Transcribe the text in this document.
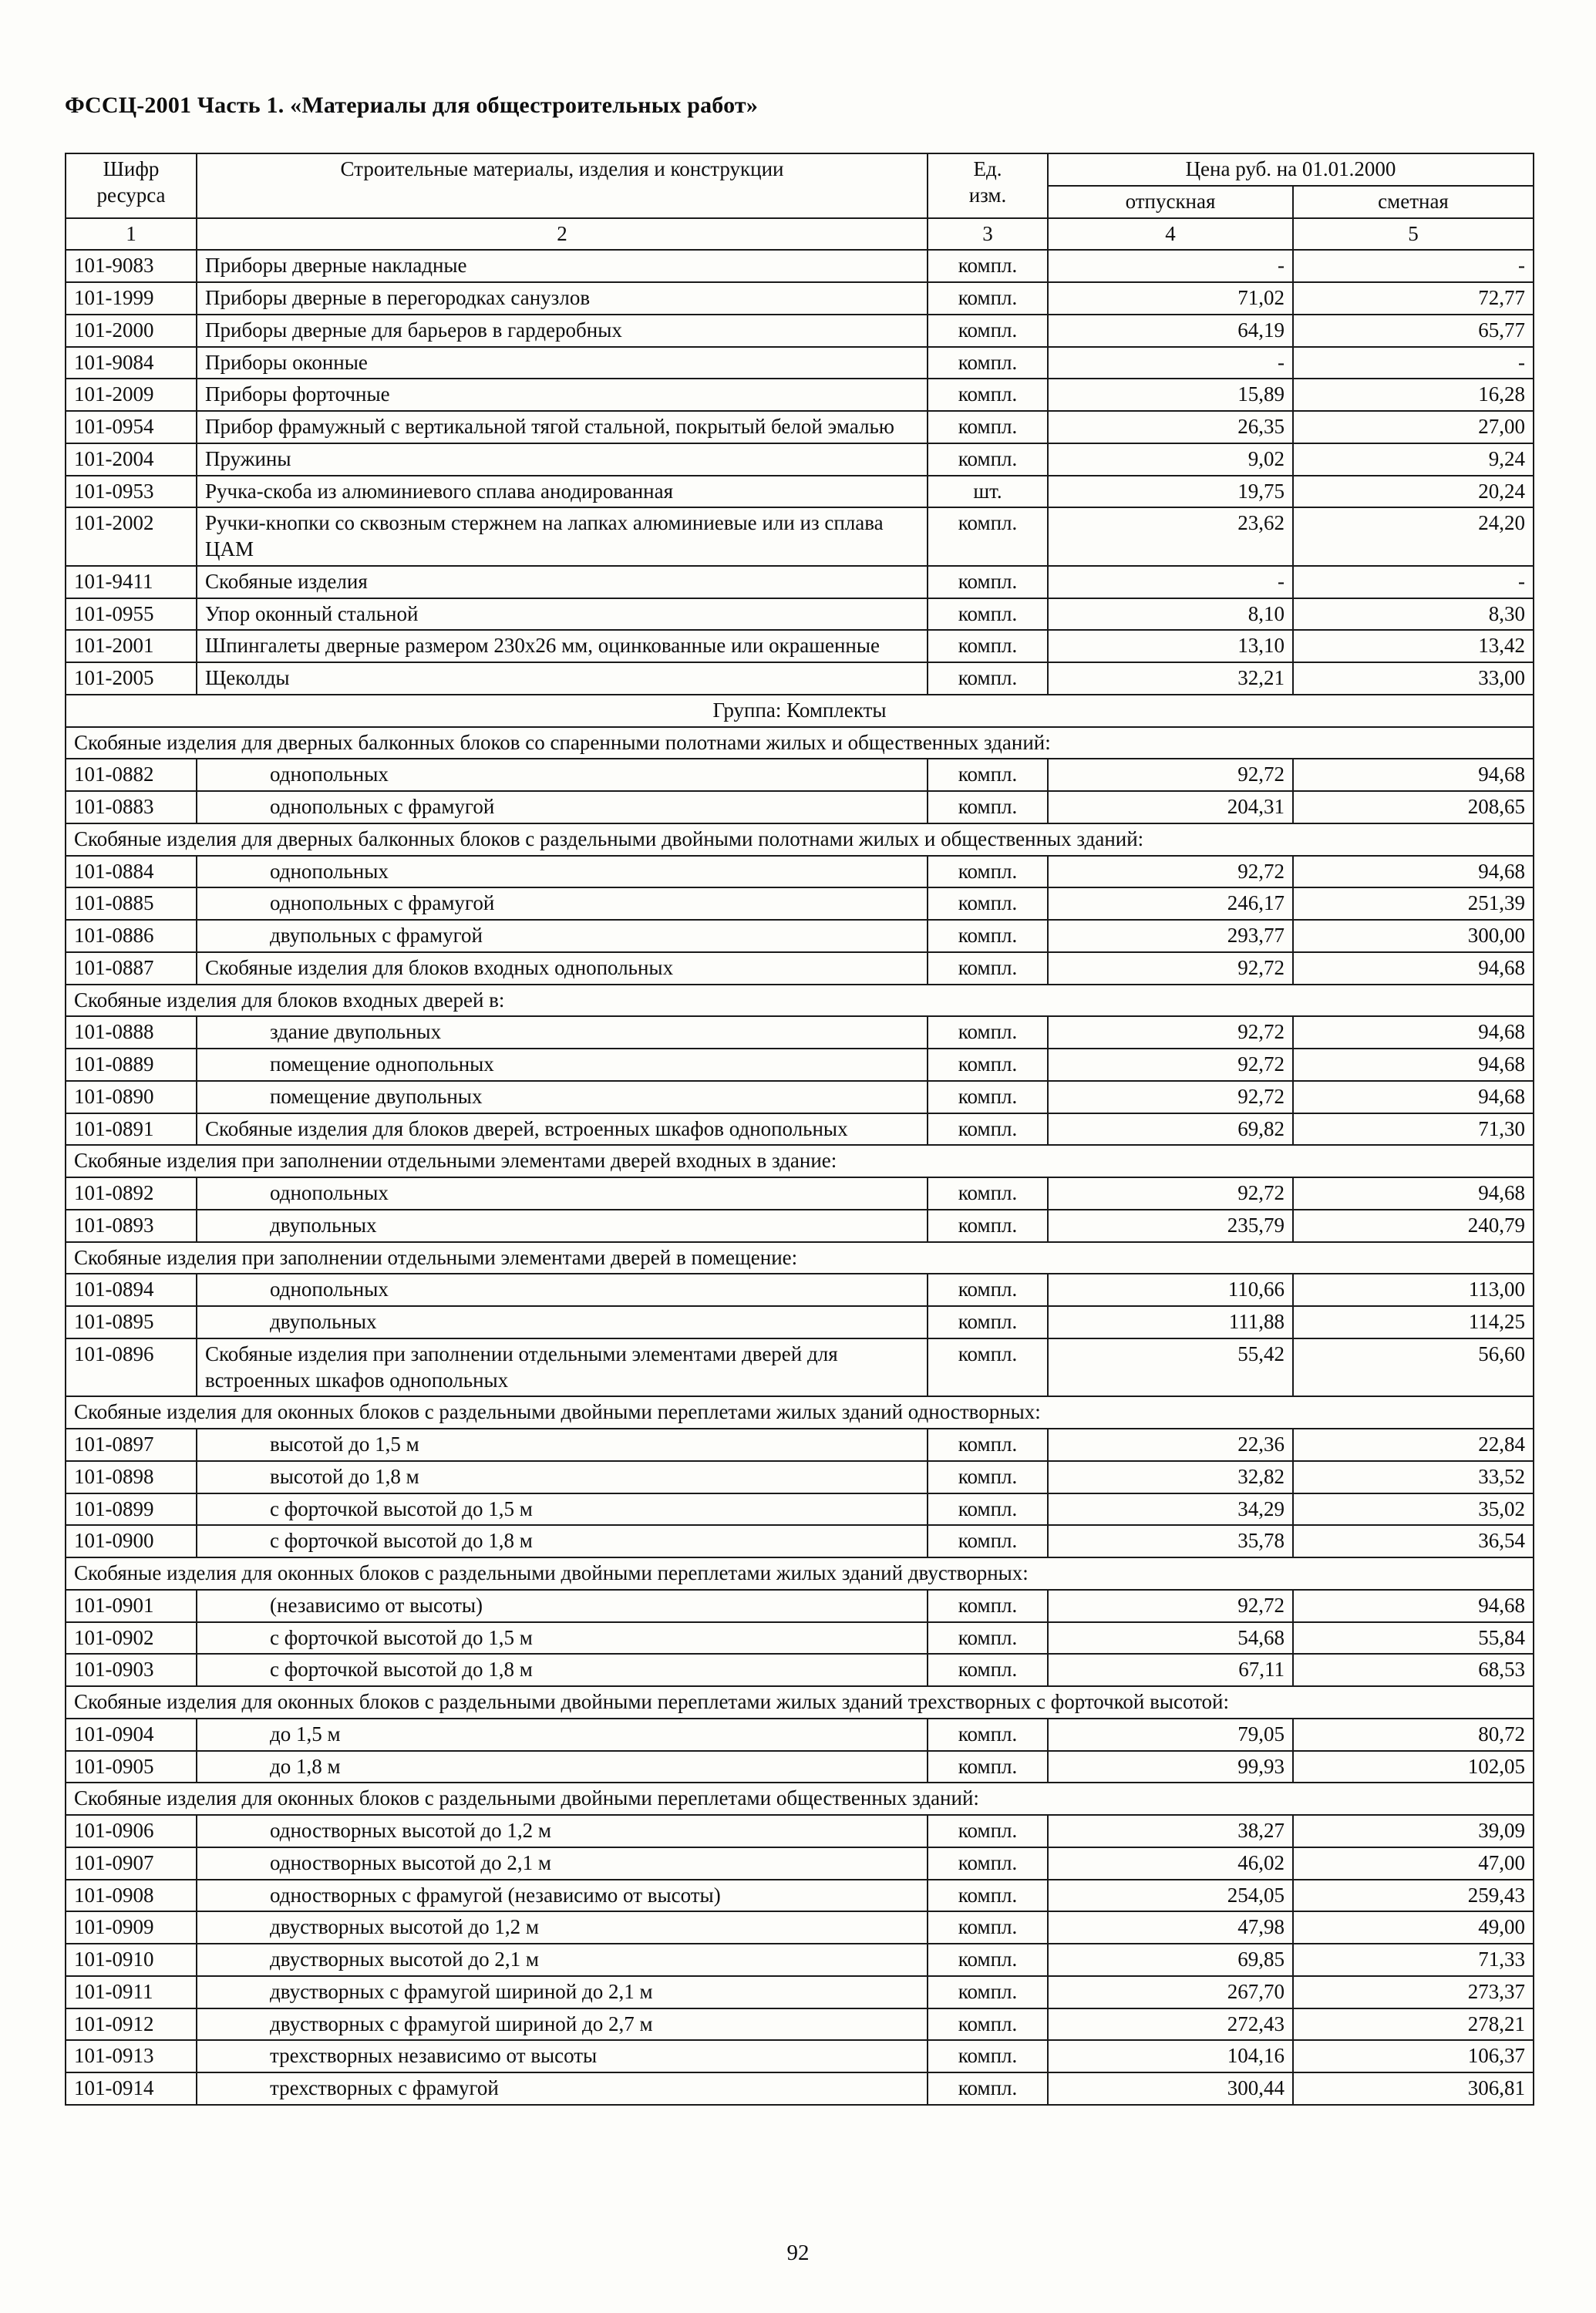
ФССЦ-2001 Часть 1. «Материалы для общестроительных работ»
Шифр ресурса	Строительные материалы, изделия и конструкции	Ед. изм.	Цена руб. на 01.01.2000	
			отпускная	сметная
1	2	3	4	5
101-9083	Приборы дверные накладные	компл.	-	-
101-1999	Приборы дверные в перегородках санузлов	компл.	71,02	72,77
101-2000	Приборы дверные для барьеров в гардеробных	компл.	64,19	65,77
101-9084	Приборы оконные	компл.	-	-
101-2009	Приборы форточные	компл.	15,89	16,28
101-0954	Прибор фрамужный с вертикальной тягой стальной, покрытый белой эмалью	компл.	26,35	27,00
101-2004	Пружины	компл.	9,02	9,24
101-0953	Ручка-скоба из алюминиевого сплава анодированная	шт.	19,75	20,24
101-2002	Ручки-кнопки со сквозным стержнем на лапках алюминиевые или из сплава ЦАМ	компл.	23,62	24,20
101-9411	Скобяные изделия	компл.	-	-
101-0955	Упор оконный стальной	компл.	8,10	8,30
101-2001	Шпингалеты дверные размером 230х26 мм, оцинкованные или окрашенные	компл.	13,10	13,42
101-2005	Щеколды	компл.	32,21	33,00
Группа: Комплекты				
Скобяные изделия для дверных балконных блоков со спаренными полотнами жилых и общественных зданий:				
101-0882	однопольных	компл.	92,72	94,68
101-0883	однопольных с фрамугой	компл.	204,31	208,65
Скобяные изделия для дверных балконных блоков с раздельными двойными полотнами жилых и общественных зданий:				
101-0884	однопольных	компл.	92,72	94,68
101-0885	однопольных с фрамугой	компл.	246,17	251,39
101-0886	двупольных с фрамугой	компл.	293,77	300,00
101-0887	Скобяные изделия для блоков входных однопольных	компл.	92,72	94,68
Скобяные изделия для блоков входных дверей в:				
101-0888	здание двупольных	компл.	92,72	94,68
101-0889	помещение однопольных	компл.	92,72	94,68
101-0890	помещение двупольных	компл.	92,72	94,68
101-0891	Скобяные изделия для блоков дверей, встроенных шкафов однопольных	компл.	69,82	71,30
Скобяные изделия при заполнении отдельными элементами дверей входных в здание:				
101-0892	однопольных	компл.	92,72	94,68
101-0893	двупольных	компл.	235,79	240,79
Скобяные изделия при заполнении отдельными элементами дверей в помещение:				
101-0894	однопольных	компл.	110,66	113,00
101-0895	двупольных	компл.	111,88	114,25
101-0896	Скобяные изделия при заполнении отдельными элементами дверей для встроенных шкафов однопольных	компл.	55,42	56,60
Скобяные изделия для оконных блоков с раздельными двойными переплетами жилых зданий одностворных:				
101-0897	высотой до 1,5 м	компл.	22,36	22,84
101-0898	высотой до 1,8 м	компл.	32,82	33,52
101-0899	с форточкой высотой до 1,5 м	компл.	34,29	35,02
101-0900	с форточкой высотой до 1,8 м	компл.	35,78	36,54
Скобяные изделия для оконных блоков с раздельными двойными переплетами жилых зданий двустворных:				
101-0901	(независимо от высоты)	компл.	92,72	94,68
101-0902	с форточкой высотой до 1,5 м	компл.	54,68	55,84
101-0903	с форточкой высотой до 1,8 м	компл.	67,11	68,53
Скобяные изделия для оконных блоков с раздельными двойными переплетами жилых зданий трехстворных с форточкой высотой:				
101-0904	до 1,5 м	компл.	79,05	80,72
101-0905	до 1,8 м	компл.	99,93	102,05
Скобяные изделия для оконных блоков с раздельными двойными переплетами общественных зданий:				
101-0906	одностворных высотой до 1,2 м	компл.	38,27	39,09
101-0907	одностворных высотой до 2,1 м	компл.	46,02	47,00
101-0908	одностворных с фрамугой (независимо от высоты)	компл.	254,05	259,43
101-0909	двустворных высотой до 1,2 м	компл.	47,98	49,00
101-0910	двустворных высотой до 2,1 м	компл.	69,85	71,33
101-0911	двустворных с фрамугой шириной до 2,1 м	компл.	267,70	273,37
101-0912	двустворных с фрамугой шириной до 2,7 м	компл.	272,43	278,21
101-0913	трехстворных независимо от высоты	компл.	104,16	106,37
101-0914	трехстворных с фрамугой	компл.	300,44	306,81
92
